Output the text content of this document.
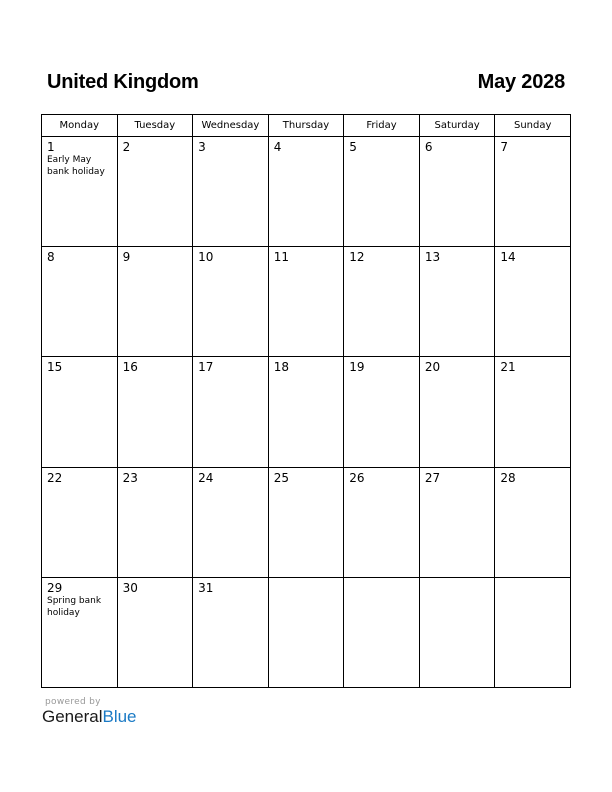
United Kingdom	May 2028
Monday	Tuesday	Wednesday	Thursday	Friday	Saturday	Sunday

1
Early May bank holiday	2	3	4	5	6	7

8	9	10	11	12	13	14

15	16	17	18	19	20	21

22	23	24	25	26	27	28

29
Spring bank holiday	30	31				

powered by
GeneralBlue
